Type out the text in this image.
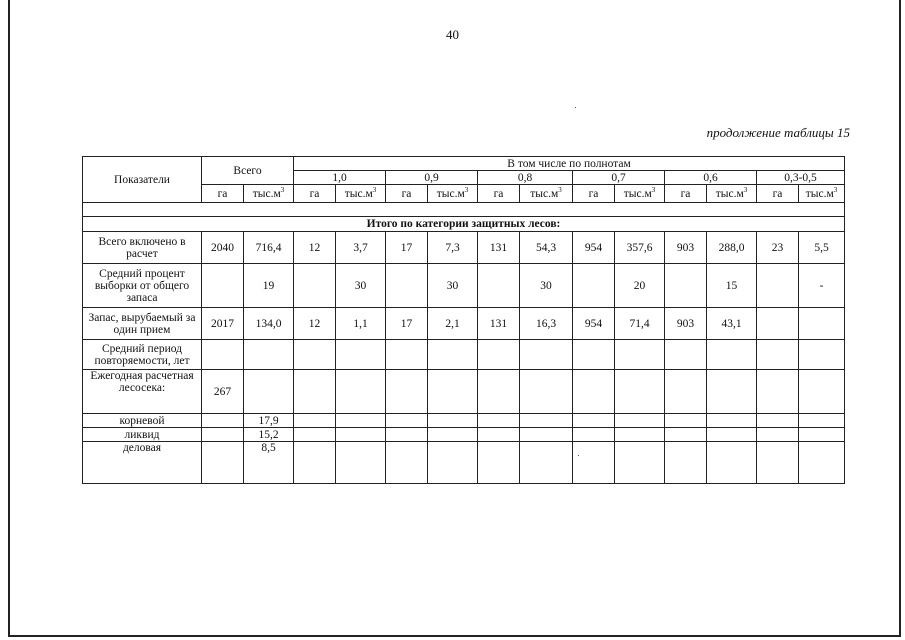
40
продолжение таблицы 15
Показатели	Всего		В том числе по полнотам											
			1,0		0,9		0,8		0,7		0,6		0,3-0,5	
	га	$тыс.м^3$	га	$тыс.м^3$	га	$тыс.м^3$	га	$тыс.м^3$	га	$тыс.м^3$	га	$тыс.м^3$	га	$тыс.м^3$

Итого по категории защитных лесов:														
Всего включено в расчет	2040	716,4	12	3,7	17	7,3	131	54,3	954	357,6	903	288,0	23	5,5
Средний процент выборки от общего запаса		19		30		30		30		20		15		-
Запас, вырубаемый за один прием	2017	134,0	12	1,1	17	2,1	131	16,3	954	71,4	903	43,1		
Средний период повторяемости, лет														
Ежегодная расчетная лесосека:	267													
корневой		17,9												
ликвид		15,2												
деловая		8,5												
